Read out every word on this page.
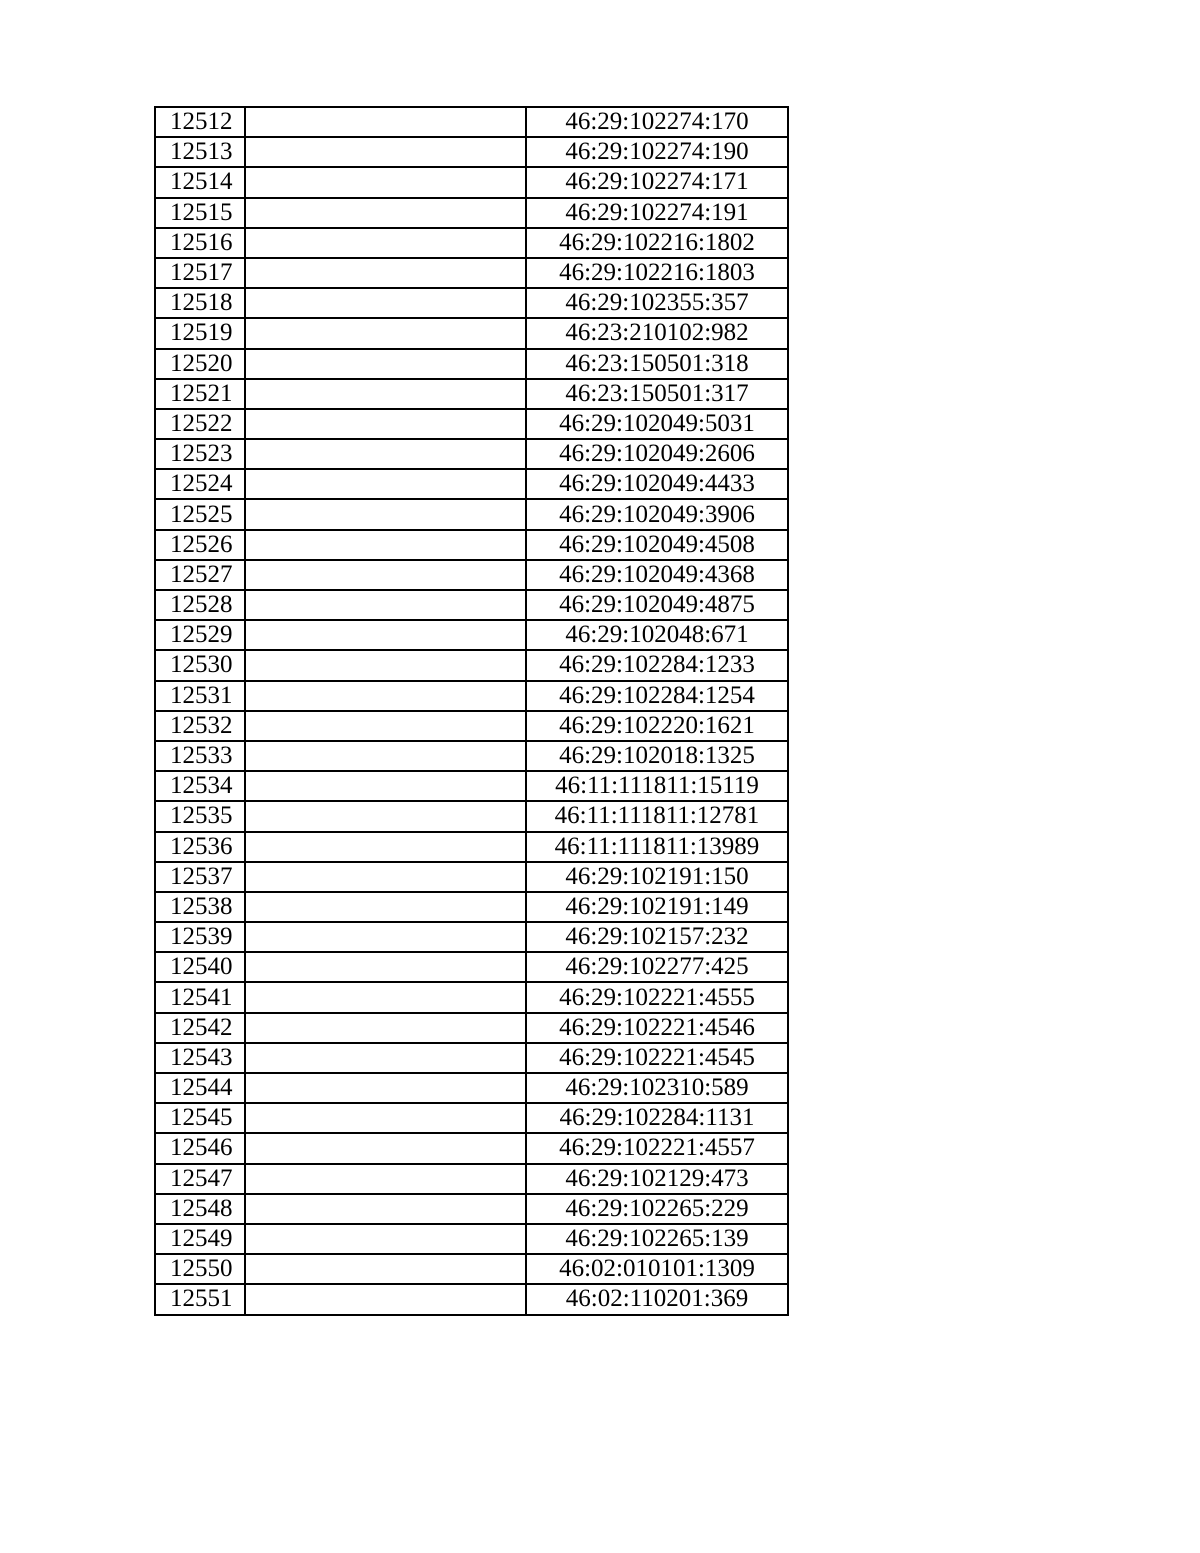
12512		46:29:102274:170
12513		46:29:102274:190
12514		46:29:102274:171
12515		46:29:102274:191
12516		46:29:102216:1802
12517		46:29:102216:1803
12518		46:29:102355:357
12519		46:23:210102:982
12520		46:23:150501:318
12521		46:23:150501:317
12522		46:29:102049:5031
12523		46:29:102049:2606
12524		46:29:102049:4433
12525		46:29:102049:3906
12526		46:29:102049:4508
12527		46:29:102049:4368
12528		46:29:102049:4875
12529		46:29:102048:671
12530		46:29:102284:1233
12531		46:29:102284:1254
12532		46:29:102220:1621
12533		46:29:102018:1325
12534		46:11:111811:15119
12535		46:11:111811:12781
12536		46:11:111811:13989
12537		46:29:102191:150
12538		46:29:102191:149
12539		46:29:102157:232
12540		46:29:102277:425
12541		46:29:102221:4555
12542		46:29:102221:4546
12543		46:29:102221:4545
12544		46:29:102310:589
12545		46:29:102284:1131
12546		46:29:102221:4557
12547		46:29:102129:473
12548		46:29:102265:229
12549		46:29:102265:139
12550		46:02:010101:1309
12551		46:02:110201:369
